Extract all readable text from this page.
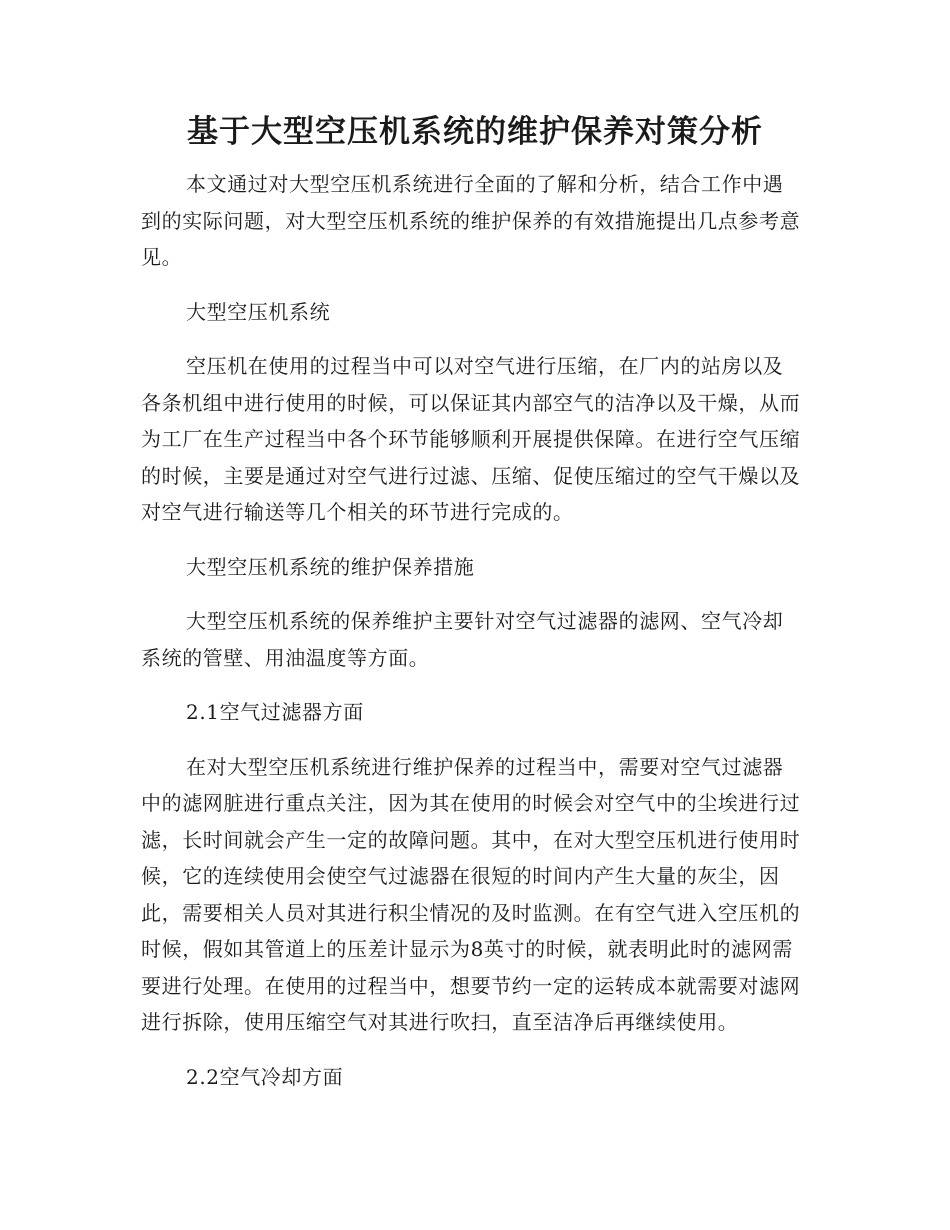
基于大型空压机系统的维护保养对策分析

本文通过对大型空压机系统进行全面的了解和分析，结合工作中遇到的实际问题，对大型空压机系统的维护保养的有效措施提出几点参考意见。

大型空压机系统

空压机在使用的过程当中可以对空气进行压缩，在厂内的站房以及各条机组中进行使用的时候，可以保证其内部空气的洁净以及干燥，从而为工厂在生产过程当中各个环节能够顺利开展提供保障。在进行空气压缩的时候，主要是通过对空气进行过滤、压缩、促使压缩过的空气干燥以及对空气进行输送等几个相关的环节进行完成的。

大型空压机系统的维护保养措施

大型空压机系统的保养维护主要针对空气过滤器的滤网、空气冷却系统的管壁、用油温度等方面。

2.1空气过滤器方面

在对大型空压机系统进行维护保养的过程当中，需要对空气过滤器中的滤网脏进行重点关注，因为其在使用的时候会对空气中的尘埃进行过滤，长时间就会产生一定的故障问题。其中，在对大型空压机进行使用时候，它的连续使用会使空气过滤器在很短的时间内产生大量的灰尘，因此，需要相关人员对其进行积尘情况的及时监测。在有空气进入空压机的时候，假如其管道上的压差计显示为8英寸的时候，就表明此时的滤网需要进行处理。在使用的过程当中，想要节约一定的运转成本就需要对滤网进行拆除，使用压缩空气对其进行吹扫，直至洁净后再继续使用。

2.2空气冷却方面
